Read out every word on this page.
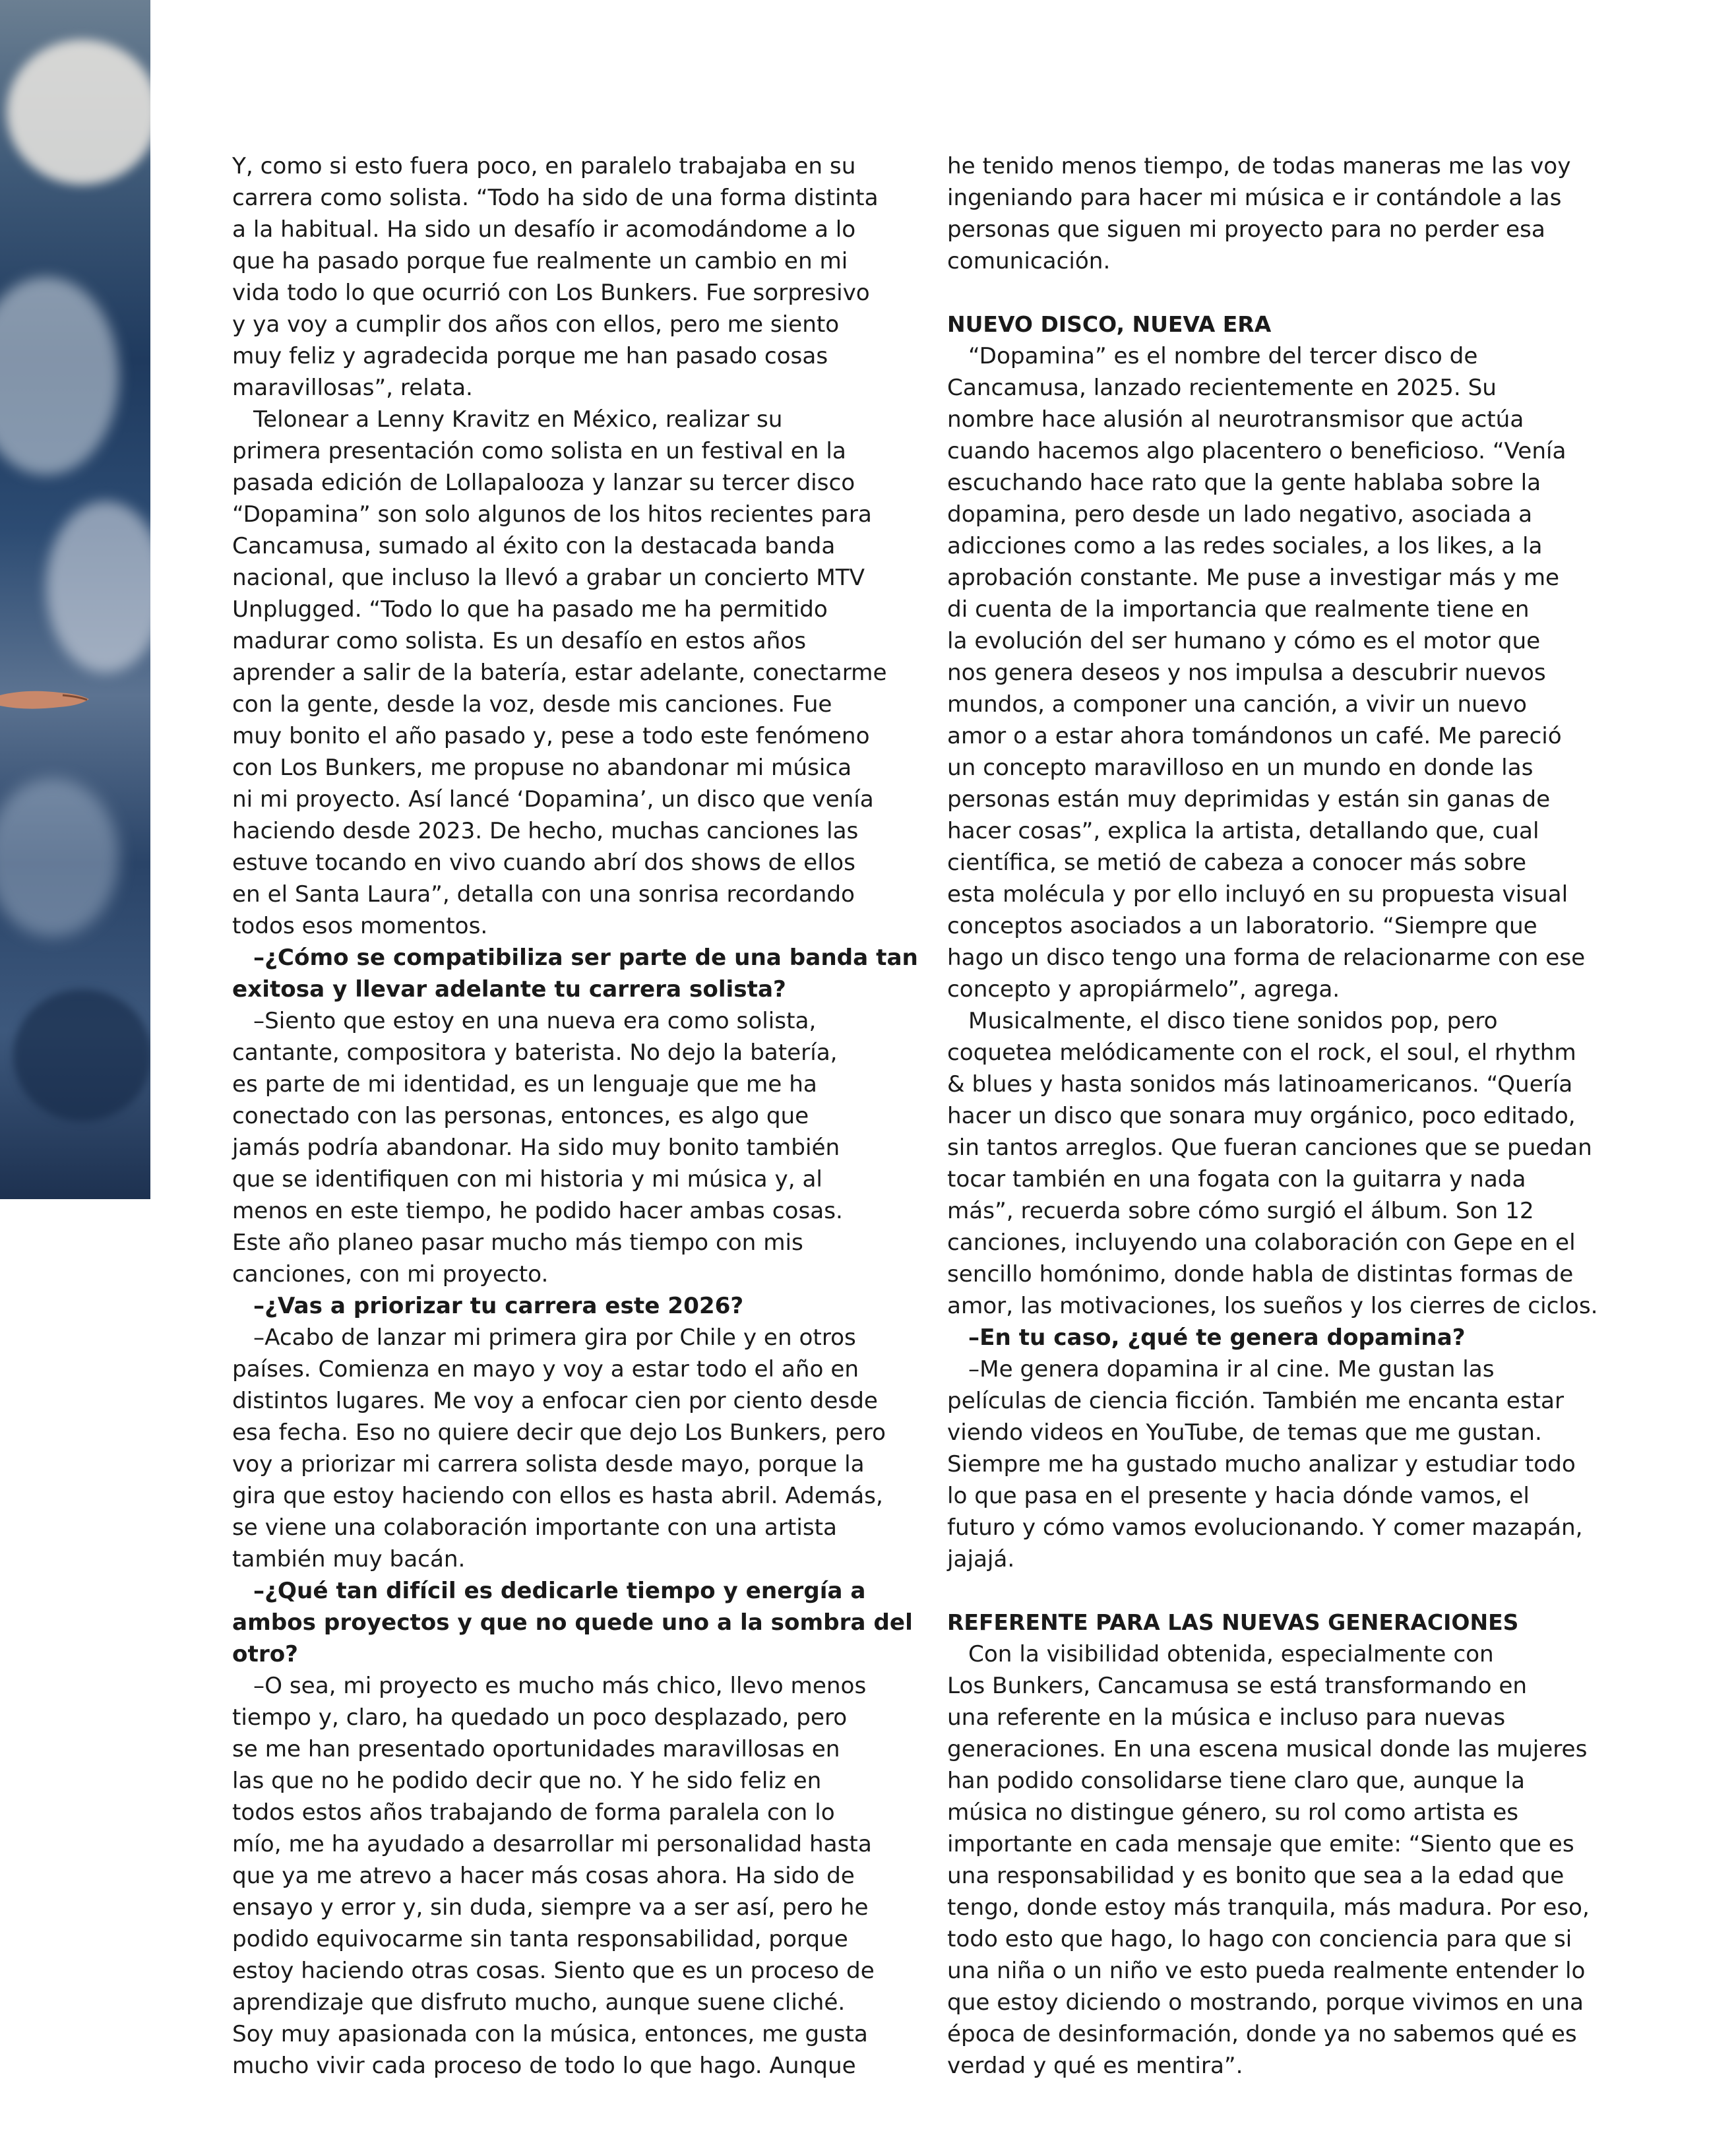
Y, como si esto fuera poco, en paralelo trabajaba en su
carrera como solista. “Todo ha sido de una forma distinta
a la habitual. Ha sido un desafío ir acomodándome a lo
que ha pasado porque fue realmente un cambio en mi
vida todo lo que ocurrió con Los Bunkers. Fue sorpresivo
y ya voy a cumplir dos años con ellos, pero me siento
muy feliz y agradecida porque me han pasado cosas
maravillosas”, relata.

Telonear a Lenny Kravitz en México, realizar su
primera presentación como solista en un festival en la
pasada edición de Lollapalooza y lanzar su tercer disco
“Dopamina” son solo algunos de los hitos recientes para
Cancamusa, sumado al éxito con la destacada banda
nacional, que incluso la llevó a grabar un concierto MTV
Unplugged. “Todo lo que ha pasado me ha permitido
madurar como solista. Es un desafío en estos años
aprender a salir de la batería, estar adelante, conectarme
con la gente, desde la voz, desde mis canciones. Fue
muy bonito el año pasado y, pese a todo este fenómeno
con Los Bunkers, me propuse no abandonar mi música
ni mi proyecto. Así lancé ‘Dopamina’, un disco que venía
haciendo desde 2023. De hecho, muchas canciones las
estuve tocando en vivo cuando abrí dos shows de ellos
en el Santa Laura”, detalla con una sonrisa recordando
todos esos momentos.

–¿Cómo se compatibiliza ser parte de una banda tan
exitosa y llevar adelante tu carrera solista?

–Siento que estoy en una nueva era como solista,
cantante, compositora y baterista. No dejo la batería,
es parte de mi identidad, es un lenguaje que me ha
conectado con las personas, entonces, es algo que
jamás podría abandonar. Ha sido muy bonito también
que se identifiquen con mi historia y mi música y, al
menos en este tiempo, he podido hacer ambas cosas.
Este año planeo pasar mucho más tiempo con mis
canciones, con mi proyecto.

–¿Vas a priorizar tu carrera este 2026?

–Acabo de lanzar mi primera gira por Chile y en otros
países. Comienza en mayo y voy a estar todo el año en
distintos lugares. Me voy a enfocar cien por ciento desde
esa fecha. Eso no quiere decir que dejo Los Bunkers, pero
voy a priorizar mi carrera solista desde mayo, porque la
gira que estoy haciendo con ellos es hasta abril. Además,
se viene una colaboración importante con una artista
también muy bacán.

–¿Qué tan difícil es dedicarle tiempo y energía a
ambos proyectos y que no quede uno a la sombra del
otro?

–O sea, mi proyecto es mucho más chico, llevo menos
tiempo y, claro, ha quedado un poco desplazado, pero
se me han presentado oportunidades maravillosas en
las que no he podido decir que no. Y he sido feliz en
todos estos años trabajando de forma paralela con lo
mío, me ha ayudado a desarrollar mi personalidad hasta
que ya me atrevo a hacer más cosas ahora. Ha sido de
ensayo y error y, sin duda, siempre va a ser así, pero he
podido equivocarme sin tanta responsabilidad, porque
estoy haciendo otras cosas. Siento que es un proceso de
aprendizaje que disfruto mucho, aunque suene cliché.
Soy muy apasionada con la música, entonces, me gusta
mucho vivir cada proceso de todo lo que hago. Aunque

he tenido menos tiempo, de todas maneras me las voy
ingeniando para hacer mi música e ir contándole a las
personas que siguen mi proyecto para no perder esa
comunicación.

NUEVO DISCO, NUEVA ERA

“Dopamina” es el nombre del tercer disco de
Cancamusa, lanzado recientemente en 2025. Su
nombre hace alusión al neurotransmisor que actúa
cuando hacemos algo placentero o beneficioso. “Venía
escuchando hace rato que la gente hablaba sobre la
dopamina, pero desde un lado negativo, asociada a
adicciones como a las redes sociales, a los likes, a la
aprobación constante. Me puse a investigar más y me
di cuenta de la importancia que realmente tiene en
la evolución del ser humano y cómo es el motor que
nos genera deseos y nos impulsa a descubrir nuevos
mundos, a componer una canción, a vivir un nuevo
amor o a estar ahora tomándonos un café. Me pareció
un concepto maravilloso en un mundo en donde las
personas están muy deprimidas y están sin ganas de
hacer cosas”, explica la artista, detallando que, cual
científica, se metió de cabeza a conocer más sobre
esta molécula y por ello incluyó en su propuesta visual
conceptos asociados a un laboratorio. “Siempre que
hago un disco tengo una forma de relacionarme con ese
concepto y apropiármelo”, agrega.

Musicalmente, el disco tiene sonidos pop, pero
coquetea melódicamente con el rock, el soul, el rhythm
& blues y hasta sonidos más latinoamericanos. “Quería
hacer un disco que sonara muy orgánico, poco editado,
sin tantos arreglos. Que fueran canciones que se puedan
tocar también en una fogata con la guitarra y nada
más”, recuerda sobre cómo surgió el álbum. Son 12
canciones, incluyendo una colaboración con Gepe en el
sencillo homónimo, donde habla de distintas formas de
amor, las motivaciones, los sueños y los cierres de ciclos.

–En tu caso, ¿qué te genera dopamina?

–Me genera dopamina ir al cine. Me gustan las
películas de ciencia ficción. También me encanta estar
viendo videos en YouTube, de temas que me gustan.
Siempre me ha gustado mucho analizar y estudiar todo
lo que pasa en el presente y hacia dónde vamos, el
futuro y cómo vamos evolucionando. Y comer mazapán,
jajajá.

REFERENTE PARA LAS NUEVAS GENERACIONES

Con la visibilidad obtenida, especialmente con
Los Bunkers, Cancamusa se está transformando en
una referente en la música e incluso para nuevas
generaciones. En una escena musical donde las mujeres
han podido consolidarse tiene claro que, aunque la
música no distingue género, su rol como artista es
importante en cada mensaje que emite: “Siento que es
una responsabilidad y es bonito que sea a la edad que
tengo, donde estoy más tranquila, más madura. Por eso,
todo esto que hago, lo hago con conciencia para que si
una niña o un niño ve esto pueda realmente entender lo
que estoy diciendo o mostrando, porque vivimos en una
época de desinformación, donde ya no sabemos qué es
verdad y qué es mentira”.
